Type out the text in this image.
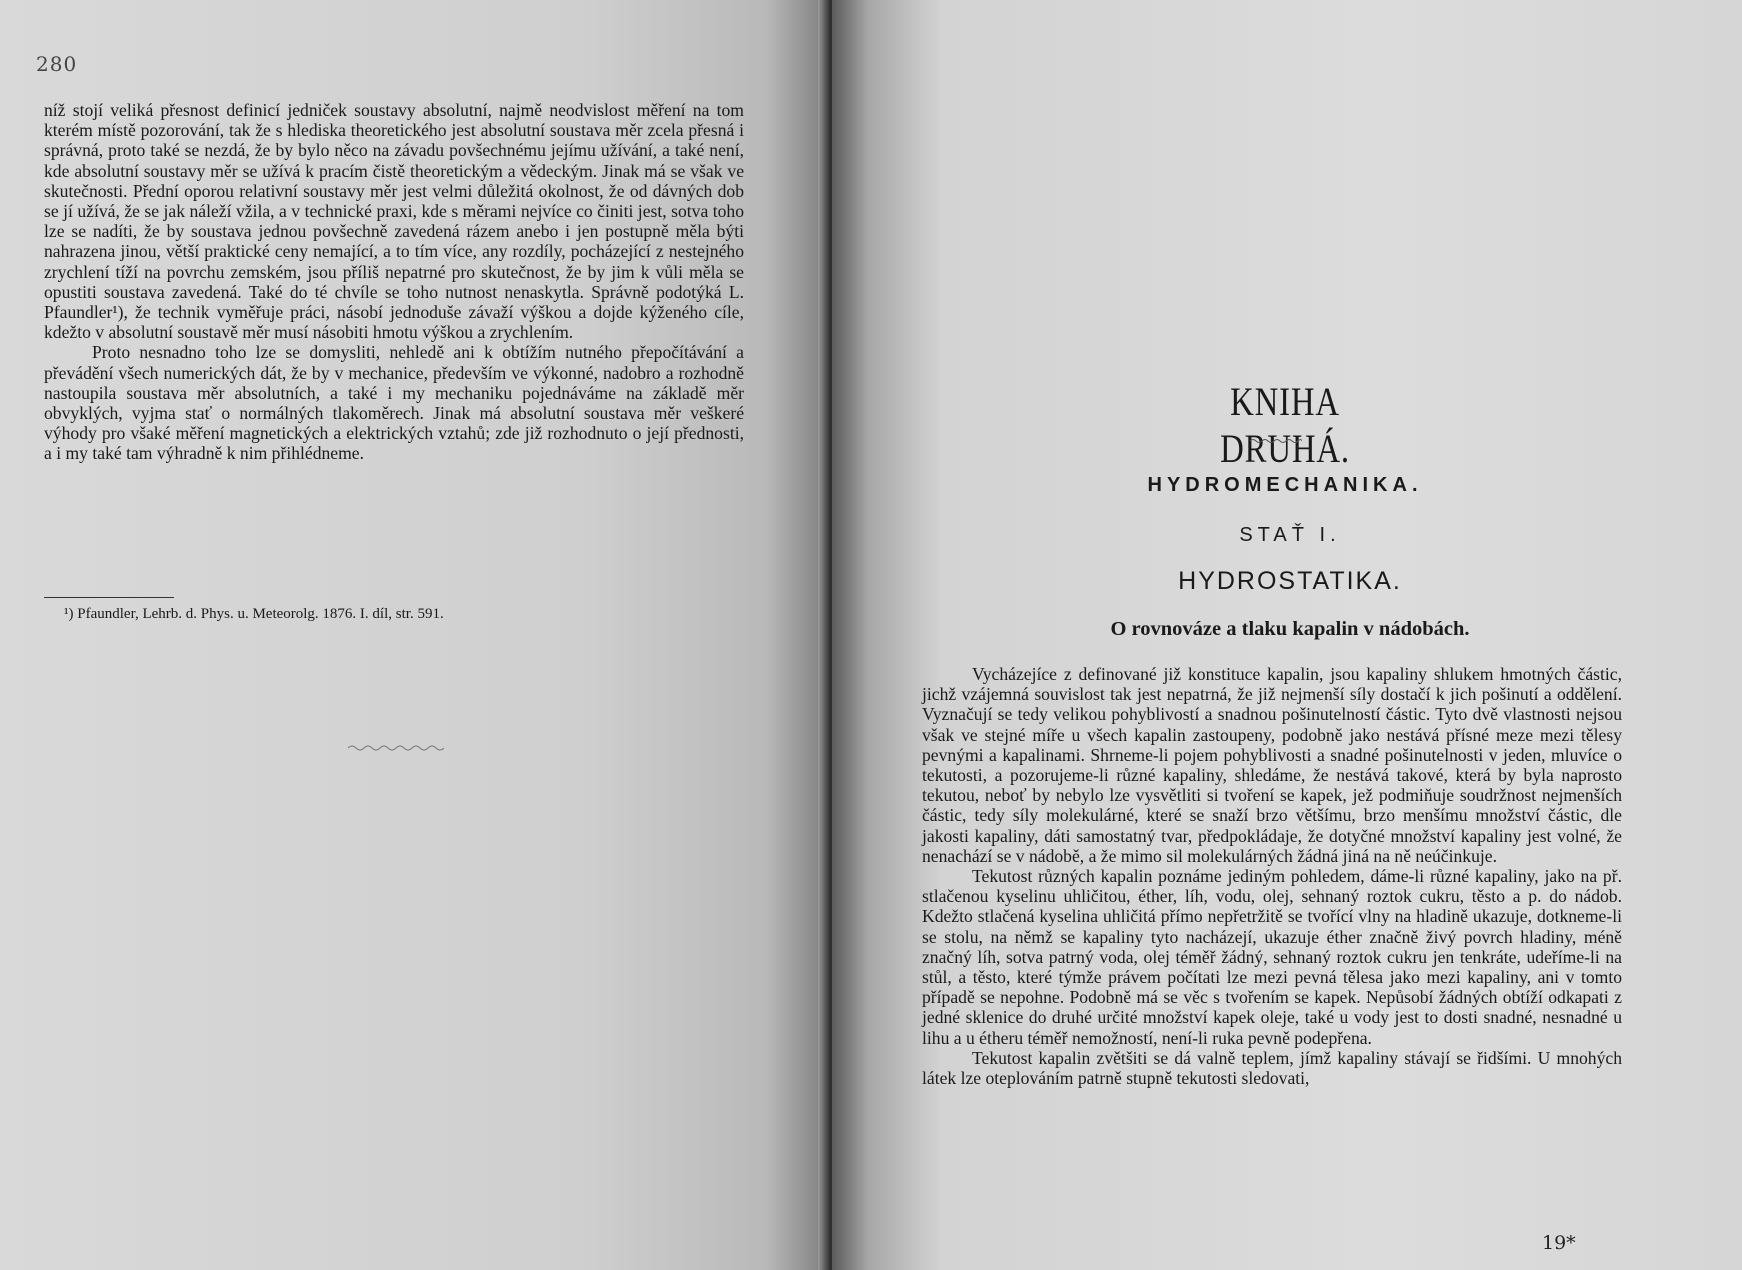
280

níž stojí veliká přesnost definicí jedniček soustavy absolutní, najmě neodvislost měření na tom kterém místě pozorování, tak že s hlediska theoretického jest absolutní soustava měr zcela přesná i správná, proto také se nezdá, že by bylo něco na závadu povšechnému jejímu užívání, a také není, kde absolutní soustavy měr se užívá k pracím čistě theoretickým a vědeckým. Jinak má se však ve skutečnosti. Přední oporou relativní soustavy měr jest velmi důležitá okolnost, že od dávných dob se jí užívá, že se jak náleží vžila, a v technické praxi, kde s měrami nejvíce co činiti jest, sotva toho lze se nadíti, že by soustava jednou povšechně zavedená rázem anebo i jen postupně měla býti nahrazena jinou, větší praktické ceny nemající, a to tím více, any rozdíly, pocházející z nestejného zrychlení tíží na povrchu zemském, jsou příliš nepatrné pro skutečnost, že by jim k vůli měla se opustiti soustava zavedená. Také do té chvíle se toho nutnost nenaskytla. Správně podotýká L. Pfaundler¹), že technik vyměřuje práci, násobí jednoduše závaží výškou a dojde kýženého cíle, kdežto v absolutní soustavě měr musí násobiti hmotu výškou a zrychlením.

Proto nesnadno toho lze se domysliti, nehledě ani k obtížím nutného přepočítávání a převádění všech numerických dát, že by v mechanice, především ve výkonné, nadobro a rozhodně nastoupila soustava měr absolutních, a také i my mechaniku pojednáváme na základě měr obvyklých, vyjma stať o normálných tlakoměrech. Jinak má absolutní soustava měr veškeré výhody pro všaké měření magnetických a elektrických vztahů; zde již rozhodnuto o její přednosti, a i my také tam výhradně k nim přihlédneme.

¹) Pfaundler, Lehrb. d. Phys. u. Meteorolg. 1876. I. díl, str. 591.
KNIHA DRUHÁ.
HYDROMECHANIKA.
STAŤ I.
HYDROSTATIKA.
O rovnováze a tlaku kapalin v nádobách.

Vycházejíce z definované již konstituce kapalin, jsou kapaliny shlukem hmotných částic, jichž vzájemná souvislost tak jest nepatrná, že již nejmenší síly dostačí k jich pošinutí a oddělení. Vyznačují se tedy velikou pohyblivostí a snadnou pošinutelností částic. Tyto dvě vlastnosti nejsou však ve stejné míře u všech kapalin zastoupeny, podobně jako nestává přísné meze mezi tělesy pevnými a kapalinami. Shrneme-li pojem pohyblivosti a snadné pošinutelnosti v jeden, mluvíce o tekutosti, a pozorujeme-li různé kapaliny, shledáme, že nestává takové, která by byla naprosto tekutou, neboť by nebylo lze vysvětliti si tvoření se kapek, jež podmiňuje soudržnost nejmenších částic, tedy síly molekulárné, které se snaží brzo většímu, brzo menšímu množství částic, dle jakosti kapaliny, dáti samostatný tvar, předpokládaje, že dotyčné množství kapaliny jest volné, že nenachází se v nádobě, a že mimo sil molekulárných žádná jiná na ně neúčinkuje.

Tekutost různých kapalin poznáme jediným pohledem, dáme-li různé kapaliny, jako na př. stlačenou kyselinu uhličitou, éther, líh, vodu, olej, sehnaný roztok cukru, těsto a p. do nádob. Kdežto stlačená kyselina uhličitá přímo nepřetržitě se tvořící vlny na hladině ukazuje, dotkneme-li se stolu, na němž se kapaliny tyto nacházejí, ukazuje éther značně živý povrch hladiny, méně značný líh, sotva patrný voda, olej téměř žádný, sehnaný roztok cukru jen tenkráte, udeříme-li na stůl, a těsto, které týmže právem počítati lze mezi pevná tělesa jako mezi kapaliny, ani v tomto případě se nepohne. Podobně má se věc s tvořením se kapek. Nepůsobí žádných obtíží odkapati z jedné sklenice do druhé určité množství kapek oleje, také u vody jest to dosti snadné, nesnadné u lihu a u étheru téměř nemožností, není-li ruka pevně podepřena.

Tekutost kapalin zvětšiti se dá valně teplem, jímž kapaliny stávají se řidšími. U mnohých látek lze oteplováním patrně stupně tekutosti sledovati,

19*
